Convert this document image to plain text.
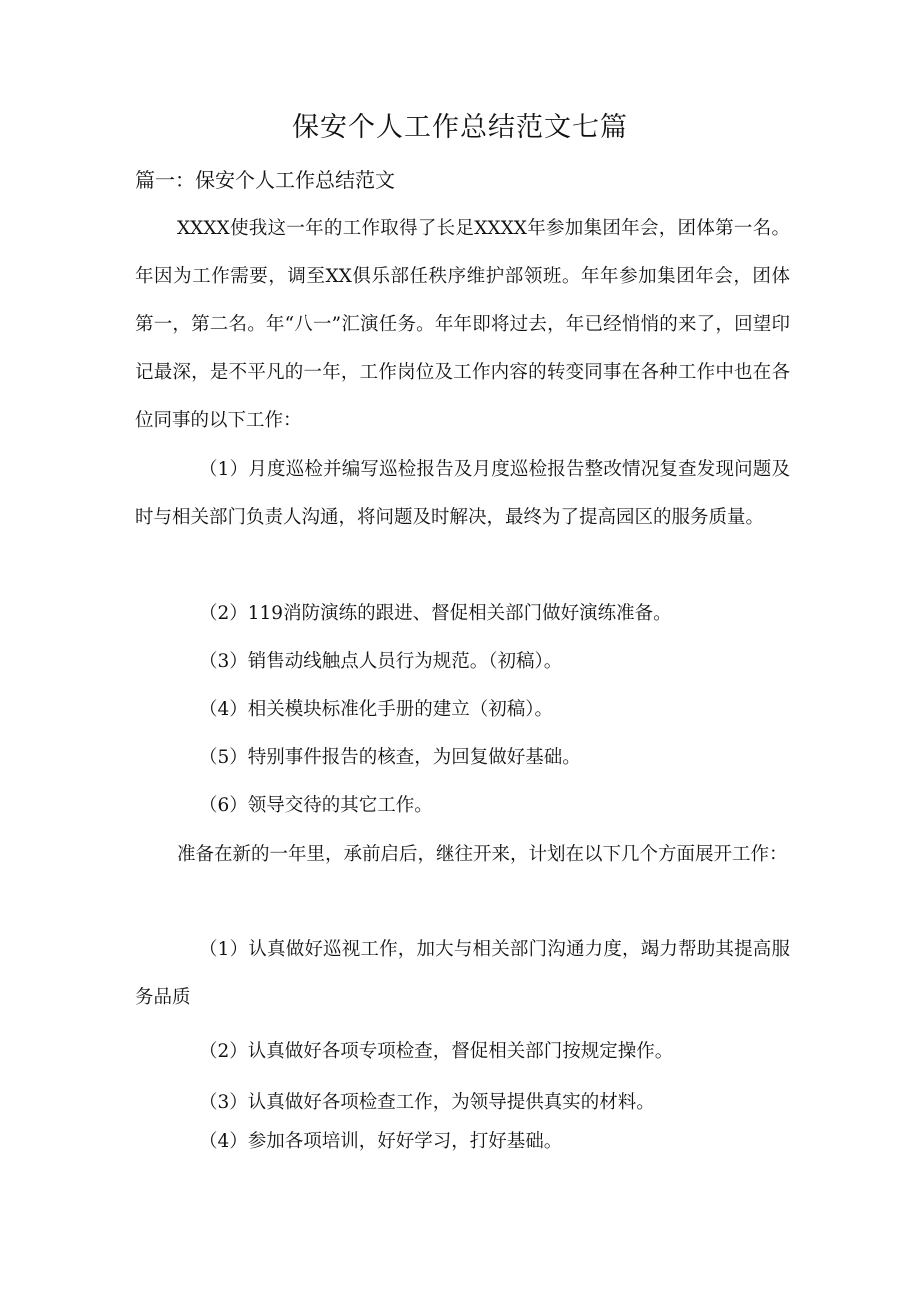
保安个人工作总结范文七篇
篇一：保安个人工作总结范文

XXXX使我这一年的工作取得了长足XXXX年参加集团年会，团体第一名。年因为工作需要，调至XX俱乐部任秩序维护部领班。年年参加集团年会，团体第一，第二名。年“八一”汇演任务。年年即将过去，年已经悄悄的来了，回望印记最深，是不平凡的一年，工作岗位及工作内容的转变同事在各种工作中也在各位同事的以下工作：

（1）月度巡检并编写巡检报告及月度巡检报告整改情况复查发现问题及时与相关部门负责人沟通，将问题及时解决，最终为了提高园区的服务质量。

（2）119消防演练的跟进、督促相关部门做好演练准备。

（3）销售动线触点人员行为规范。（初稿）。

（4）相关模块标准化手册的建立（初稿）。

（5）特别事件报告的核查，为回复做好基础。

（6）领导交待的其它工作。

准备在新的一年里，承前启后，继往开来，计划在以下几个方面展开工作：

（1）认真做好巡视工作，加大与相关部门沟通力度，竭力帮助其提高服务品质

（2）认真做好各项专项检查，督促相关部门按规定操作。

（3）认真做好各项检查工作，为领导提供真实的材料。

（4）参加各项培训，好好学习，打好基础。
